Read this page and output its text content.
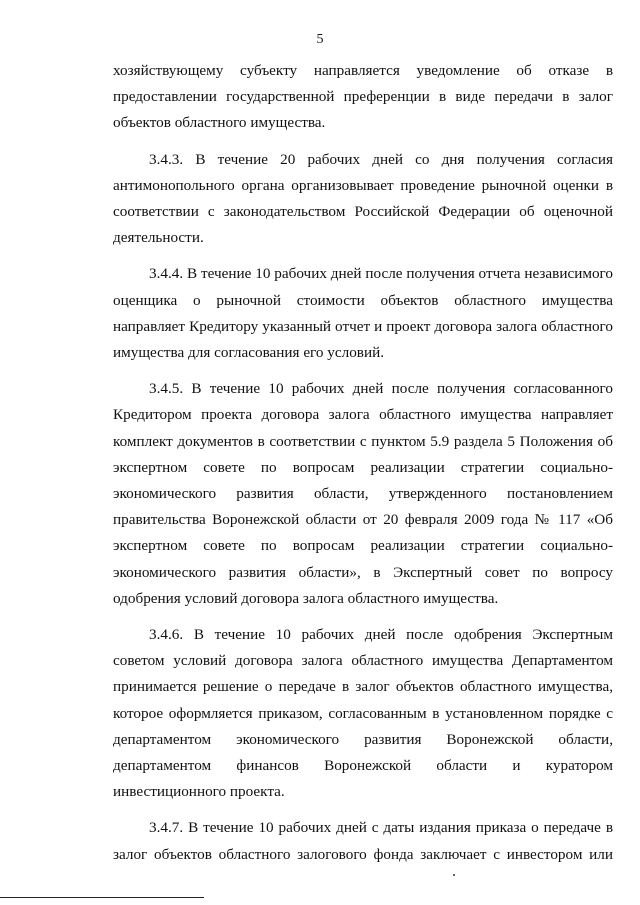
5

хозяйствующему субъекту направляется уведомление об отказе в предоставлении государственной преференции в виде передачи в залог объектов областного имущества.

3.4.3. В течение 20 рабочих дней со дня получения согласия антимонопольного органа организовывает проведение рыночной оценки в соответствии с законодательством Российской Федерации об оценочной деятельности.

3.4.4. В течение 10 рабочих дней после получения отчета независимого оценщика о рыночной стоимости объектов областного имущества направляет Кредитору указанный отчет и проект договора залога областного имущества для согласования его условий.

3.4.5. В течение 10 рабочих дней после получения согласованного Кредитором проекта договора залога областного имущества направляет комплект документов в соответствии с пунктом 5.9 раздела 5 Положения об экспертном совете по вопросам реализации стратегии социально-экономического развития области, утвержденного постановлением правительства Воронежской области от 20 февраля 2009 года № 117 «Об экспертном совете по вопросам реализации стратегии социально-экономического развития области», в Экспертный совет по вопросу одобрения условий договора залога областного имущества.

3.4.6. В течение 10 рабочих дней после одобрения Экспертным советом условий договора залога областного имущества Департаментом принимается решение о передаче в залог объектов областного имущества, которое оформляется приказом, согласованным в установленном порядке с департаментом экономического развития Воронежской области, департаментом финансов Воронежской области и куратором инвестиционного проекта.

3.4.7. В течение 10 рабочих дней с даты издания приказа о передаче в залог объектов областного залогового фонда заключает с инвестором или
